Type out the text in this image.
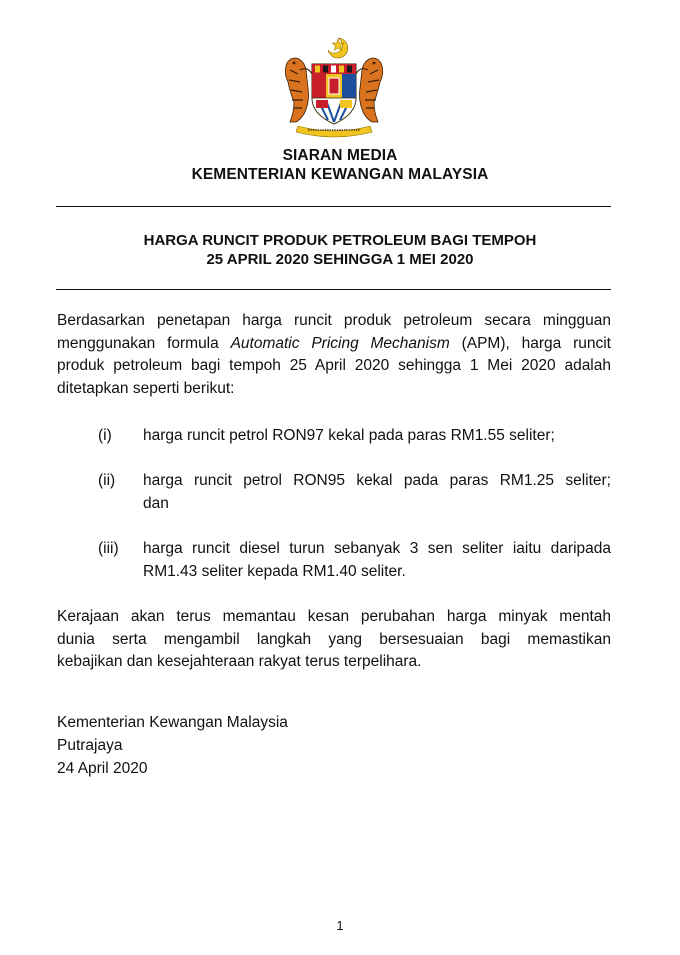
SIARAN MEDIA
KEMENTERIAN KEWANGAN MALAYSIA
HARGA RUNCIT PRODUK PETROLEUM BAGI TEMPOH
25 APRIL 2020 SEHINGGA 1 MEI 2020
Berdasarkan penetapan harga runcit produk petroleum secara mingguan
menggunakan formula Automatic Pricing Mechanism (APM), harga runcit
produk petroleum bagi tempoh 25 April 2020 sehingga 1 Mei 2020 adalah
ditetapkan seperti berikut:
(i) harga runcit petrol RON97 kekal pada paras RM1.55 seliter;
(ii) harga runcit petrol RON95 kekal pada paras RM1.25 seliter;
dan
(iii) harga runcit diesel turun sebanyak 3 sen seliter iaitu daripada
RM1.43 seliter kepada RM1.40 seliter.
Kerajaan akan terus memantau kesan perubahan harga minyak mentah
dunia serta mengambil langkah yang bersesuaian bagi memastikan
kebajikan dan kesejahteraan rakyat terus terpelihara.
Kementerian Kewangan Malaysia
Putrajaya
24 April 2020
1
